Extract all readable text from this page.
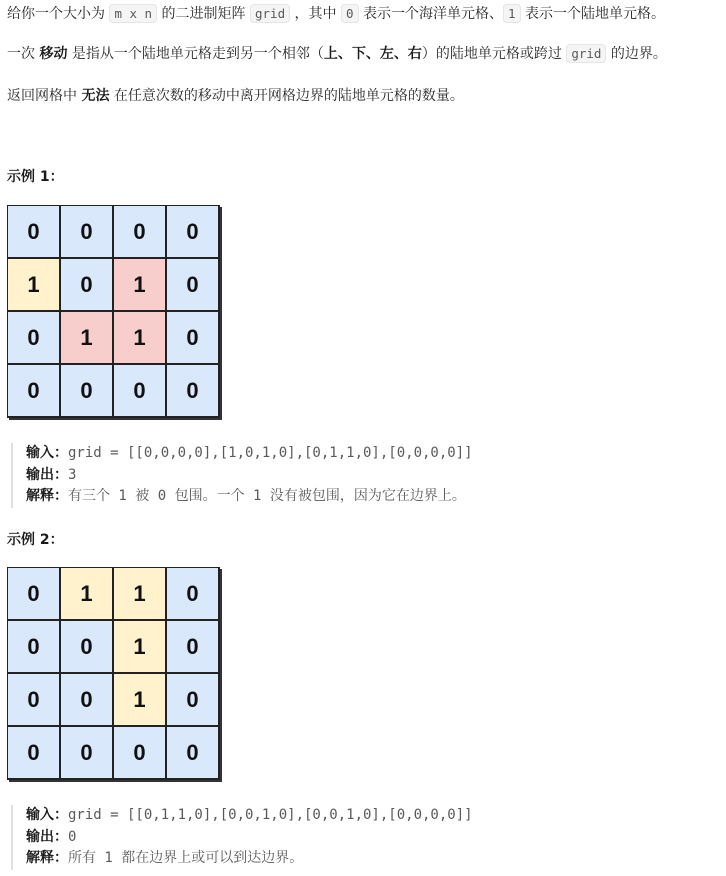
给你一个大小为 m x n 的二进制矩阵 grid ，其中 0 表示一个海洋单元格、 1 表示一个陆地单元格。

一次 移动 是指从一个陆地单元格走到另一个相邻（上、下、左、右）的陆地单元格或跨过 grid 的边界。

返回网格中 无法 在任意次数的移动中离开网格边界的陆地单元格的数量。

示例 1：

0	0	0	0
1	0	1	0
0	1	1	0
0	0	0	0
输入：grid = [[0,0,0,0],[1,0,1,0],[0,1,1,0],[0,0,0,0]]
输出：3
解释：有三个 1 被 0 包围。一个 1 没有被包围，因为它在边界上。

示例 2：

0	1	1	0
0	0	1	0
0	0	1	0
0	0	0	0
输入：grid = [[0,1,1,0],[0,0,1,0],[0,0,1,0],[0,0,0,0]]
输出：0
解释：所有 1 都在边界上或可以到达边界。
